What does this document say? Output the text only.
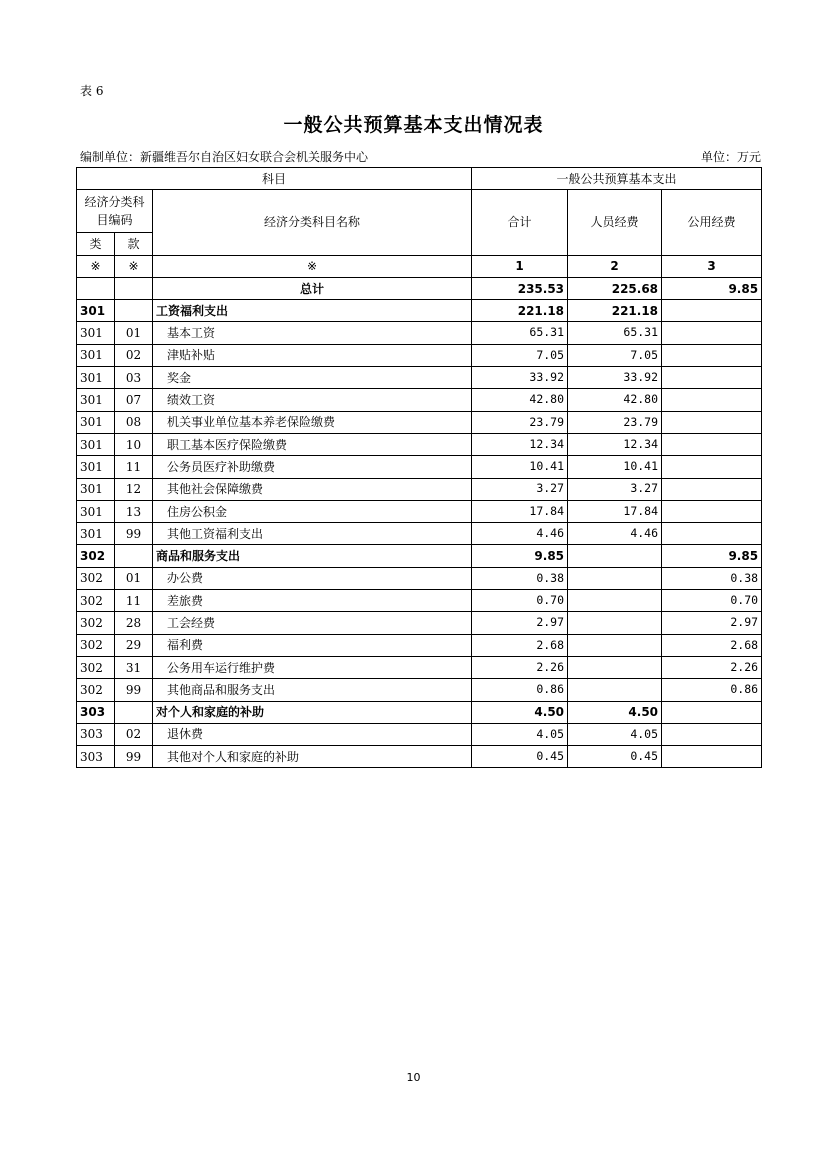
表 6
一般公共预算基本支出情况表
编制单位：新疆维吾尔自治区妇女联合会机关服务中心	单位：万元
科目			一般公共预算基本支出		
经济分类科目编码		经济分类科目名称	合计	人员经费	公用经费
类	款				
※	※	※	1	2	3
		总计	235.53	225.68	9.85
301		工资福利支出	221.18	221.18	
301	01	基本工资	65.31	65.31	
301	02	津贴补贴	7.05	7.05	
301	03	奖金	33.92	33.92	
301	07	绩效工资	42.80	42.80	
301	08	机关事业单位基本养老保险缴费	23.79	23.79	
301	10	职工基本医疗保险缴费	12.34	12.34	
301	11	公务员医疗补助缴费	10.41	10.41	
301	12	其他社会保障缴费	3.27	3.27	
301	13	住房公积金	17.84	17.84	
301	99	其他工资福利支出	4.46	4.46	
302		商品和服务支出	9.85		9.85
302	01	办公费	0.38		0.38
302	11	差旅费	0.70		0.70
302	28	工会经费	2.97		2.97
302	29	福利费	2.68		2.68
302	31	公务用车运行维护费	2.26		2.26
302	99	其他商品和服务支出	0.86		0.86
303		对个人和家庭的补助	4.50	4.50	
303	02	退休费	4.05	4.05	
303	99	其他对个人和家庭的补助	0.45	0.45	
10
